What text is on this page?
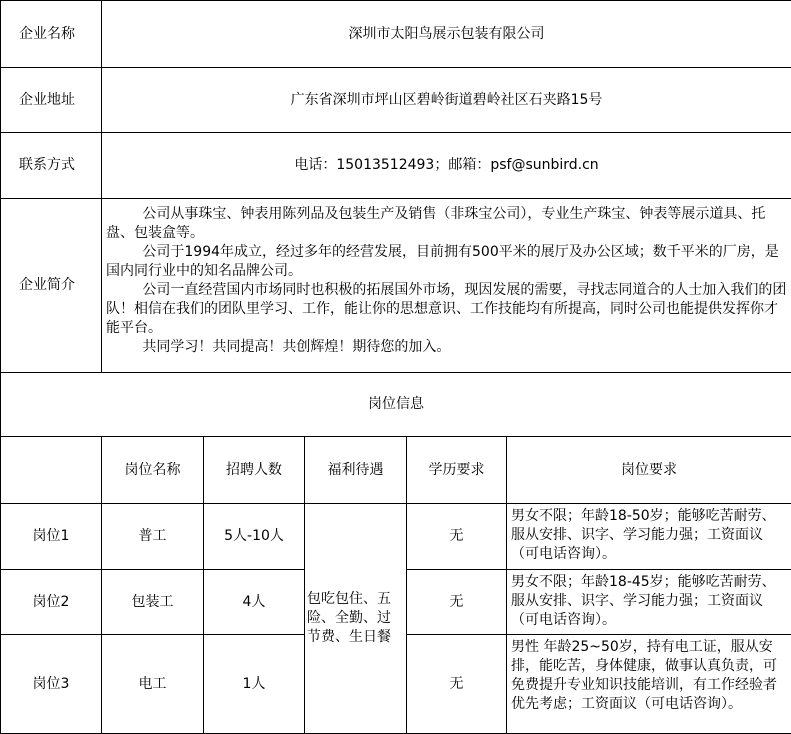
企业名称	深圳市太阳鸟展示包装有限公司				
企业地址	广东省深圳市坪山区碧岭街道碧岭社区石夹路15号				
联系方式	电话：15013512493；邮箱：psf@sunbird.cn				
企业简介	公司从事珠宝、钟表用陈列品及包装生产及销售（非珠宝公司），专业生产珠宝、钟表等展示道具、托盘、包装盒等。

公司于1994年成立，经过多年的经营发展，目前拥有500平米的展厅及办公区域；数千平米的厂房，是国内同行业中的知名品牌公司。

公司一直经营国内市场同时也积极的拓展国外市场，现因发展的需要，寻找志同道合的人士加入我们的团队！相信在我们的团队里学习、工作，能让你的思想意识、工作技能均有所提高，同时公司也能提供发挥你才能平台。

共同学习！共同提高！共创辉煌！期待您的加入。				

岗位信息					
	岗位名称	招聘人数	福利待遇	学历要求	岗位要求
岗位1	普工	5人-10人	包吃包住、五险、全勤、过节费、生日餐	无	男女不限；年龄18-50岁；能够吃苦耐劳、服从安排、识字、学习能力强；工资面议（可电话咨询）。
岗位2	包装工	4人		无	男女不限；年龄18-45岁；能够吃苦耐劳、服从安排、识字、学习能力强；工资面议（可电话咨询）。
岗位3	电工	1人		无	男性 年龄25~50岁，持有电工证，服从安排，能吃苦，身体健康，做事认真负责，可免费提升专业知识技能培训，有工作经验者优先考虑；工资面议（可电话咨询）。
